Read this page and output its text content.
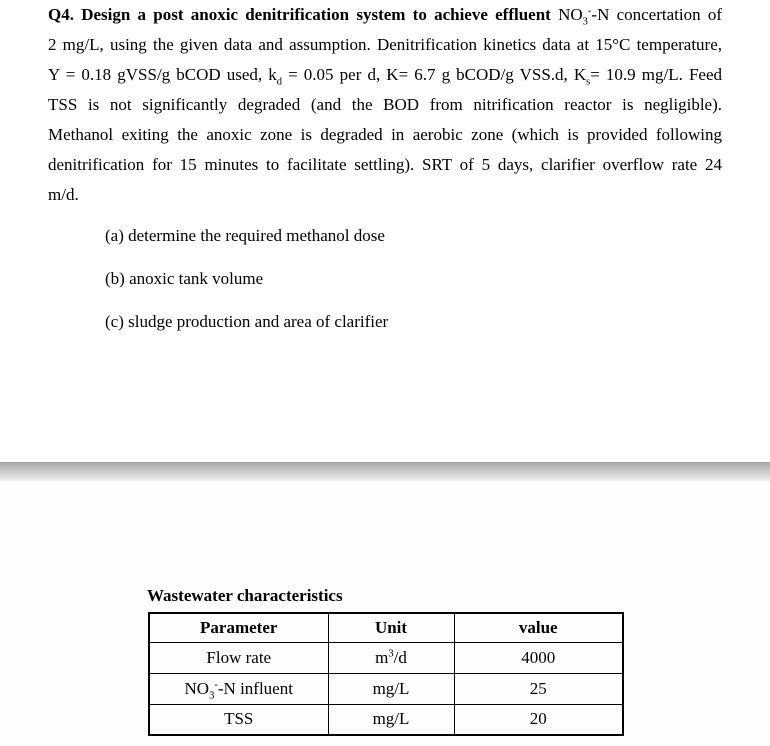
Q4. Design a post anoxic denitrification system to achieve effluent $NO_3^--N$ concertation of
2 mg/L, using the given data and assumption. Denitrification kinetics data at 15°C temperature,
Y = 0.18 gVSS/g bCOD used, $k_d = 0.05$ per d, K= 6.7 g bCOD/g VSS.d, $K_s= 10.9$ mg/L. Feed
TSS is not significantly degraded (and the BOD from nitrification reactor is negligible).
Methanol exiting the anoxic zone is degraded in aerobic zone (which is provided following
denitrification for 15 minutes to facilitate settling). SRT of 5 days, clarifier overflow rate 24
m/d.
(a) determine the required methanol dose
(b) anoxic tank volume
(c) sludge production and area of clarifier
Wastewater characteristics
Parameter	Unit	value
Flow rate	$m^3/d$	4000
$NO_3^--N$ influent	mg/L	25
TSS	mg/L	20
